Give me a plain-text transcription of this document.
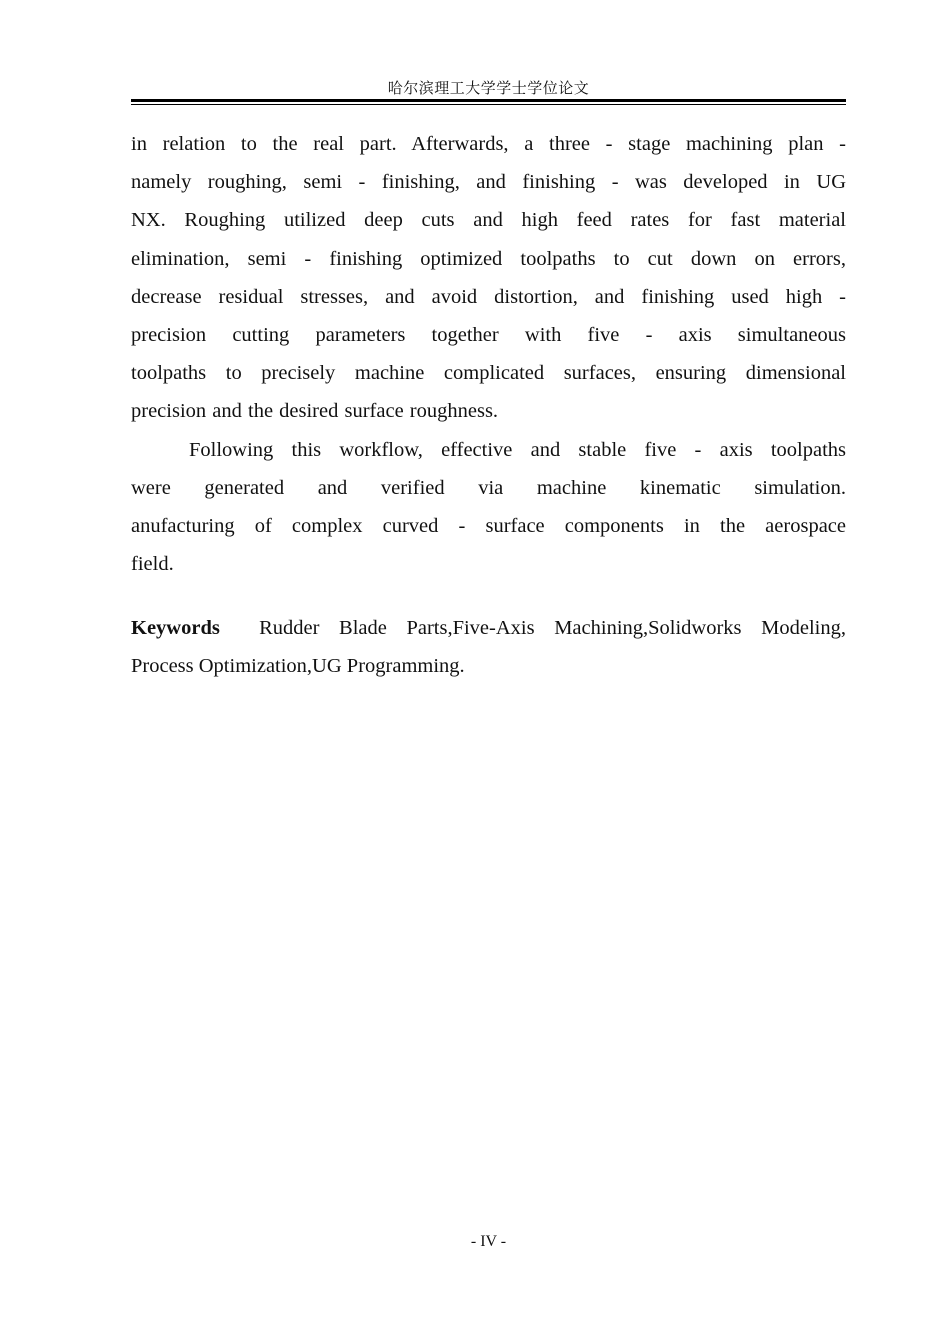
哈尔滨理工大学学士学位论文
in relation to the real part. Afterwards, a three - stage machining plan -
namely roughing, semi - finishing, and finishing - was developed in UG
NX. Roughing utilized deep cuts and high feed rates for fast material
elimination, semi - finishing optimized toolpaths to cut down on errors,
decrease residual stresses, and avoid distortion, and finishing used high -
precision cutting parameters together with five - axis simultaneous
toolpaths to precisely machine complicated surfaces, ensuring dimensional
precision and the desired surface roughness.
Following this workflow, effective and stable five - axis toolpaths
were generated and verified via machine kinematic simulation.
anufacturing of complex curved - surface components in the aerospace
field.
Keywords Rudder Blade Parts,Five-Axis Machining,Solidworks Modeling,
Process Optimization,UG Programming.
- IV -
